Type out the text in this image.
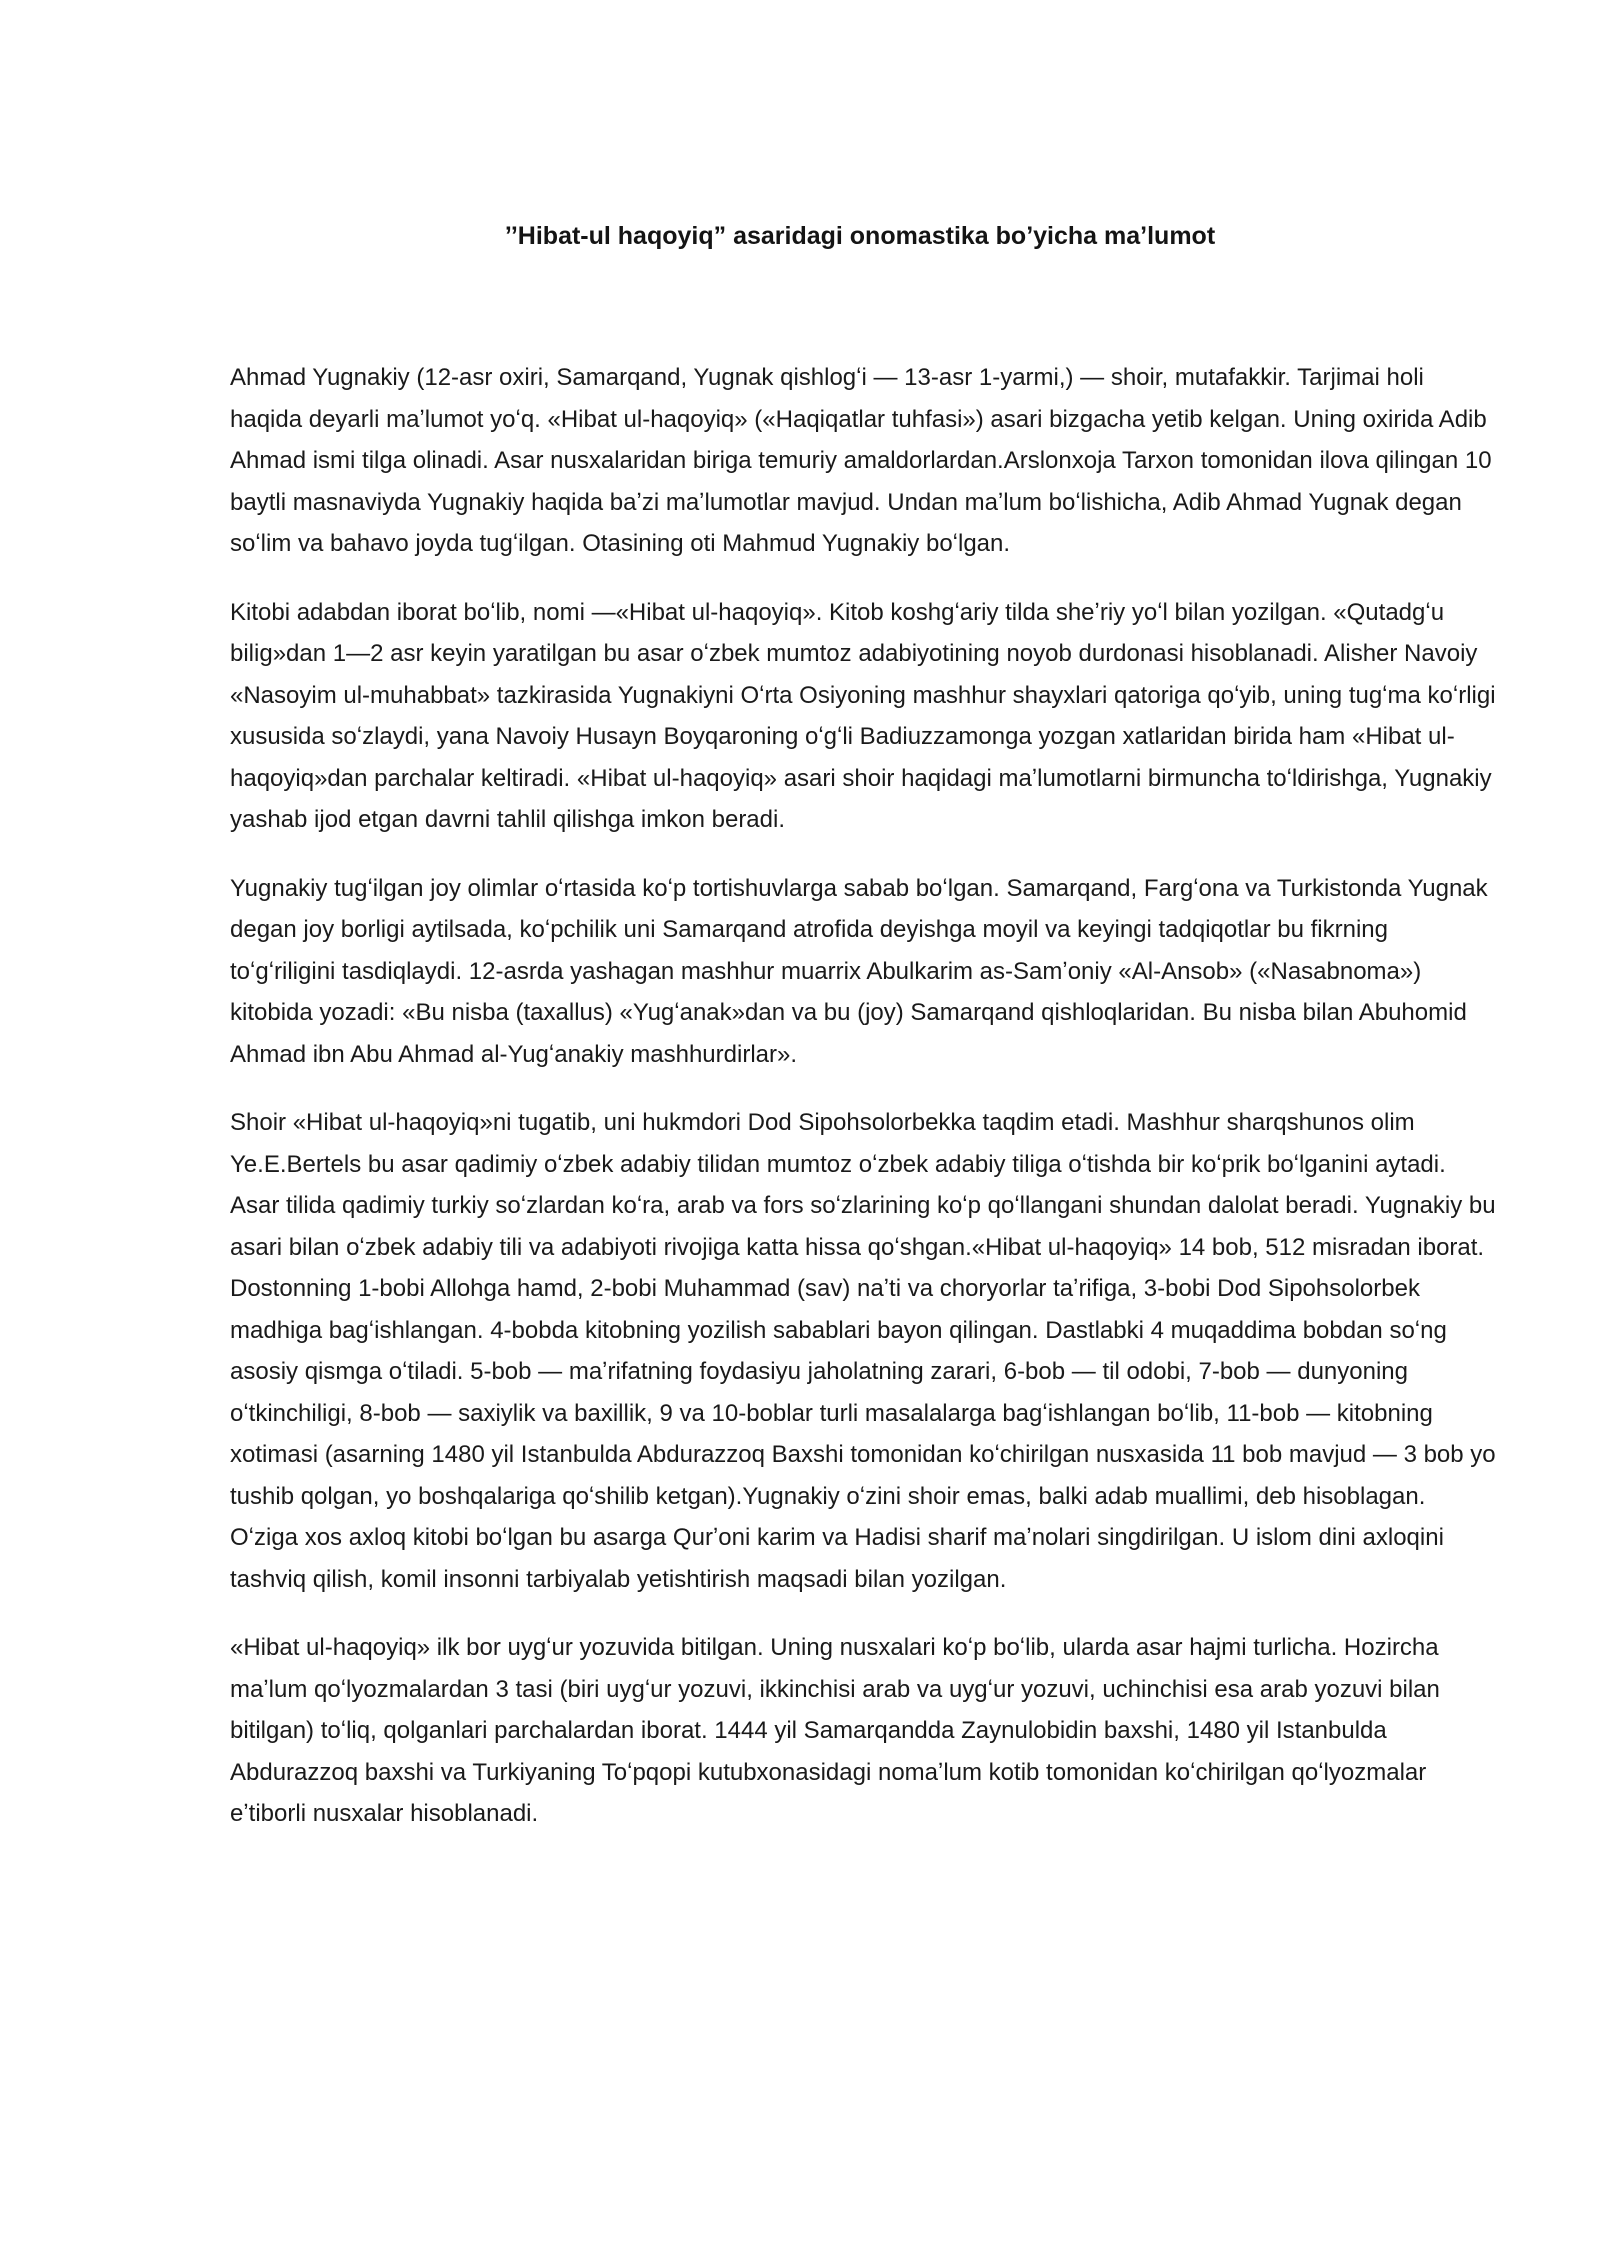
’’Hibat-ul haqoyiq” asaridagi onomastika bo’yicha ma’lumot

Ahmad Yugnakiy (12-asr oxiri, Samarqand, Yugnak qishlogʻi — 13-asr 1-yarmi,) — shoir, mutafakkir. Tarjimai holi haqida deyarli maʼlumot yoʻq. «Hibat ul-haqoyiq» («Haqiqatlar tuhfasi») asari bizgacha yetib kelgan. Uning oxirida Adib Ahmad ismi tilga olinadi. Asar nusxalaridan biriga temuriy amaldorlardan.Arslonxoja Tarxon tomonidan ilova qilingan 10 baytli masnaviyda Yugnakiy haqida baʼzi maʼlumotlar mavjud. Undan maʼlum boʻlishicha, Adib Ahmad Yugnak degan soʻlim va bahavo joyda tugʻilgan. Otasining oti Mahmud Yugnakiy boʻlgan.

Kitobi adabdan iborat boʻlib, nomi —«Hibat ul-haqoyiq». Kitob koshgʻariy tilda sheʼriy yoʻl bilan yozilgan. «Qutadgʻu bilig»dan 1—2 asr keyin yaratilgan bu asar oʻzbek mumtoz adabiyotining noyob durdonasi hisoblanadi. Alisher Navoiy «Nasoyim ul-muhabbat» tazkirasida Yugnakiyni Oʻrta Osiyoning mashhur shayxlari qatoriga qoʻyib, uning tugʻma koʻrligi xususida soʻzlaydi, yana Navoiy Husayn Boyqaroning oʻgʻli Badiuzzamonga yozgan xatlaridan birida ham «Hibat ul-haqoyiq»dan parchalar keltiradi. «Hibat ul-haqoyiq» asari shoir haqidagi maʼlumotlarni birmuncha toʻldirishga, Yugnakiy yashab ijod etgan davrni tahlil qilishga imkon beradi.

Yugnakiy tugʻilgan joy olimlar oʻrtasida koʻp tortishuvlarga sabab boʻlgan. Samarqand, Fargʻona va Turkistonda Yugnak degan joy borligi aytilsada, koʻpchilik uni Samarqand atrofida deyishga moyil va keyingi tadqiqotlar bu fikrning toʻgʻriligini tasdiqlaydi. 12-asrda yashagan mashhur muarrix Abulkarim as-Samʼoniy «Al-Ansob» («Nasabnoma») kitobida yozadi: «Bu nisba (taxallus) «Yugʻanak»dan va bu (joy) Samarqand qishloqlaridan. Bu nisba bilan Abuhomid Ahmad ibn Abu Ahmad al-Yugʻanakiy mashhurdirlar».

Shoir «Hibat ul-haqoyiq»ni tugatib, uni hukmdori Dod Sipohsolorbekka taqdim etadi. Mashhur sharqshunos olim Ye.E.Bertels bu asar qadimiy oʻzbek adabiy tilidan mumtoz oʻzbek adabiy tiliga oʻtishda bir koʻprik boʻlganini aytadi. Asar tilida qadimiy turkiy soʻzlardan koʻra, arab va fors soʻzlarining koʻp qoʻllangani shundan dalolat beradi. Yugnakiy bu asari bilan oʻzbek adabiy tili va adabiyoti rivojiga katta hissa qoʻshgan.«Hibat ul-haqoyiq» 14 bob, 512 misradan iborat. Dostonning 1-bobi Allohga hamd, 2-bobi Muhammad (sav) naʼti va choryorlar taʼrifiga, 3-bobi Dod Sipohsolorbek madhiga bagʻishlangan. 4-bobda kitobning yozilish sabablari bayon qilingan. Dastlabki 4 muqaddima bobdan soʻng asosiy qismga oʻtiladi. 5-bob — maʼrifatning foydasiyu jaholatning zarari, 6-bob — til odobi, 7-bob — dunyoning oʻtkinchiligi, 8-bob — saxiylik va baxillik, 9 va 10-boblar turli masalalarga bagʻishlangan boʻlib, 11-bob — kitobning xotimasi (asarning 1480 yil Istanbulda Abdurazzoq Baxshi tomonidan koʻchirilgan nusxasida 11 bob mavjud — 3 bob yo tushib qolgan, yo boshqalariga qoʻshilib ketgan).Yugnakiy oʻzini shoir emas, balki adab muallimi, deb hisoblagan. Oʻziga xos axloq kitobi boʻlgan bu asarga Qurʼoni karim va Hadisi sharif maʼnolari singdirilgan. U islom dini axloqini tashviq qilish, komil insonni tarbiyalab yetishtirish maqsadi bilan yozilgan.

«Hibat ul-haqoyiq» ilk bor uygʻur yozuvida bitilgan. Uning nusxalari koʻp boʻlib, ularda asar hajmi turlicha. Hozircha maʼlum qoʻlyozmalardan 3 tasi (biri uygʻur yozuvi, ikkinchisi arab va uygʻur yozuvi, uchinchisi esa arab yozuvi bilan bitilgan) toʻliq, qolganlari parchalardan iborat. 1444 yil Samarqandda Zaynulobidin baxshi, 1480 yil Istanbulda Abdurazzoq baxshi va Turkiyaning Toʻpqopi kutubxonasidagi nomaʼlum kotib tomonidan koʻchirilgan qoʻlyozmalar eʼtiborli nusxalar hisoblanadi.
